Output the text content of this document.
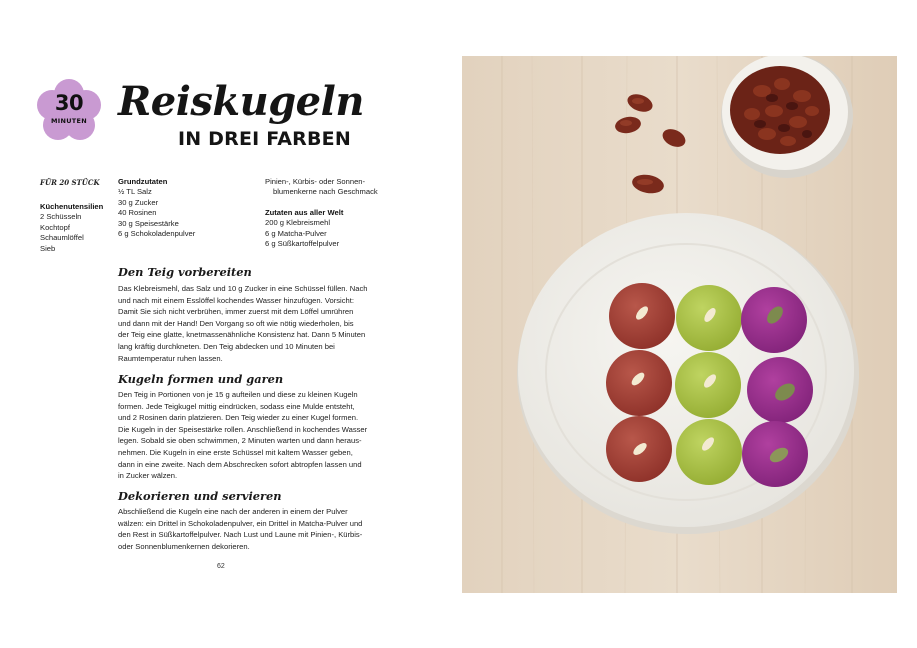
30
MINUTEN Reiskugeln
IN DREI FARBEN
FÜR 20 STÜCK
Küchenutensilien
2 Schüsseln
Kochtopf
Schaumlöffel
Sieb
Grundzutaten
½ TL Salz
30 g Zucker
40 Rosinen
30 g Speisestärke
6 g Schokoladenpulver
Pinien-, Kürbis- oder Sonnen-
blumenkerne nach Geschmack
Zutaten aus aller Welt
200 g Klebreismehl
6 g Matcha-Pulver
6 g Süßkartoffelpulver
Den Teig vorbereiten
Das Klebreismehl, das Salz und 10 g Zucker in eine Schüssel füllen. Nach
und nach mit einem Esslöffel kochendes Wasser hinzufügen. Vorsicht:
Damit Sie sich nicht verbrühen, immer zuerst mit dem Löffel umrühren
und dann mit der Hand! Den Vorgang so oft wie nötig wiederholen, bis
der Teig eine glatte, knetmassenähnliche Konsistenz hat. Dann 5 Minuten
lang kräftig durchkneten. Den Teig abdecken und 10 Minuten bei
Raumtemperatur ruhen lassen.
Kugeln formen und garen
Den Teig in Portionen von je 15 g aufteilen und diese zu kleinen Kugeln
formen. Jede Teigkugel mittig eindrücken, sodass eine Mulde entsteht,
und 2 Rosinen darin platzieren. Den Teig wieder zu einer Kugel formen.
Die Kugeln in der Speisestärke rollen. Anschließend in kochendes Wasser
legen. Sobald sie oben schwimmen, 2 Minuten warten und dann heraus-
nehmen. Die Kugeln in eine erste Schüssel mit kaltem Wasser geben,
dann in eine zweite. Nach dem Abschrecken sofort abtropfen lassen und
in Zucker wälzen.
Dekorieren und servieren
Abschließend die Kugeln eine nach der anderen in einem der Pulver
wälzen: ein Drittel in Schokoladenpulver, ein Drittel in Matcha-Pulver und
den Rest in Süßkartoffelpulver. Nach Lust und Laune mit Pinien-, Kürbis-
oder Sonnenblumenkernen dekorieren.
62
